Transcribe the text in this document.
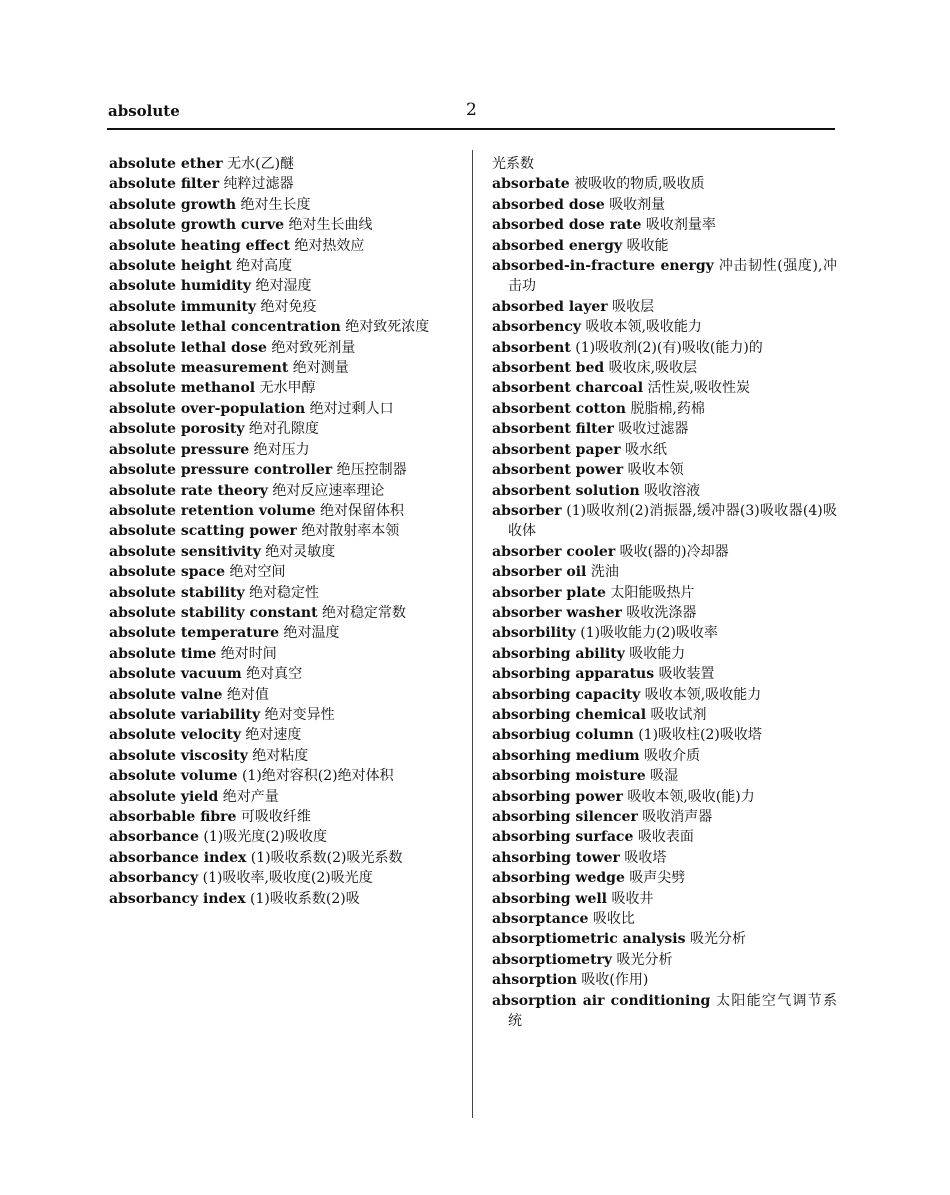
absolute	2
absolute ether 无水(乙)醚
absolute filter 纯粹过滤器
absolute growth 绝对生长度
absolute growth curve 绝对生长曲线
absolute heating effect 绝对热效应
absolute height 绝对高度
absolute humidity 绝对湿度
absolute immunity 绝对免疫
absolute lethal concentration 绝对致死浓度
absolute lethal dose 绝对致死剂量
absolute measurement 绝对测量
absolute methanol 无水甲醇
absolute over-population 绝对过剩人口
absolute porosity 绝对孔隙度
absolute pressure 绝对压力
absolute pressure controller 绝压控制器
absolute rate theory 绝对反应速率理论
absolute retention volume 绝对保留体积
absolute scatting power 绝对散射率本领
absolute sensitivity 绝对灵敏度
absolute space 绝对空间
absolute stability 绝对稳定性
absolute stability constant 绝对稳定常数
absolute temperature 绝对温度
absolute time 绝对时间
absolute vacuum 绝对真空
absolute valne 绝对值
absolute variability 绝对变异性
absolute velocity 绝对速度
absolute viscosity 绝对粘度
absolute volume (1)绝对容积(2)绝对体积
absolute yield 绝对产量
absorbable fibre 可吸收纤维
absorbance (1)吸光度(2)吸收度
absorbance index (1)吸收系数(2)吸光系数
absorbancy (1)吸收率,吸收度(2)吸光度
absorbancy index (1)吸收系数(2)吸
光系数
absorbate 被吸收的物质,吸收质
absorbed dose 吸收剂量
absorbed dose rate 吸收剂量率
absorbed energy 吸收能
absorbed-in-fracture energy 冲击韧性(强度),冲击功
absorbed layer 吸收层
absorbency 吸收本领,吸收能力
absorbent (1)吸收剂(2)(有)吸收(能力)的
absorbent bed 吸收床,吸收层
absorbent charcoal 活性炭,吸收性炭
absorbent cotton 脱脂棉,药棉
absorbent filter 吸收过滤器
absorbent paper 吸水纸
absorbent power 吸收本领
absorbent solution 吸收溶液
absorber (1)吸收剂(2)消振器,缓冲器(3)吸收器(4)吸收体
absorber cooler 吸收(器的)冷却器
absorber oil 洗油
absorber plate 太阳能吸热片
absorber washer 吸收洗涤器
absorbility (1)吸收能力(2)吸收率
absorbing ability 吸收能力
absorbing apparatus 吸收装置
absorbing capacity 吸收本领,吸收能力
absorbing chemical 吸收试剂
absorbiug column (1)吸收柱(2)吸收塔
absorhing medium 吸收介质
absorbing moisture 吸湿
absorbing power 吸收本领,吸收(能)力
absorbing silencer 吸收消声器
absorbing surface 吸收表面
ahsorbing tower 吸收塔
absorbing wedge 吸声尖劈
absorbing well 吸收井
absorptance 吸收比
absorptiometric analysis 吸光分析
absorptiometry 吸光分析
ahsorption 吸收(作用)
absorption air conditioning 太阳能空气调节系统
